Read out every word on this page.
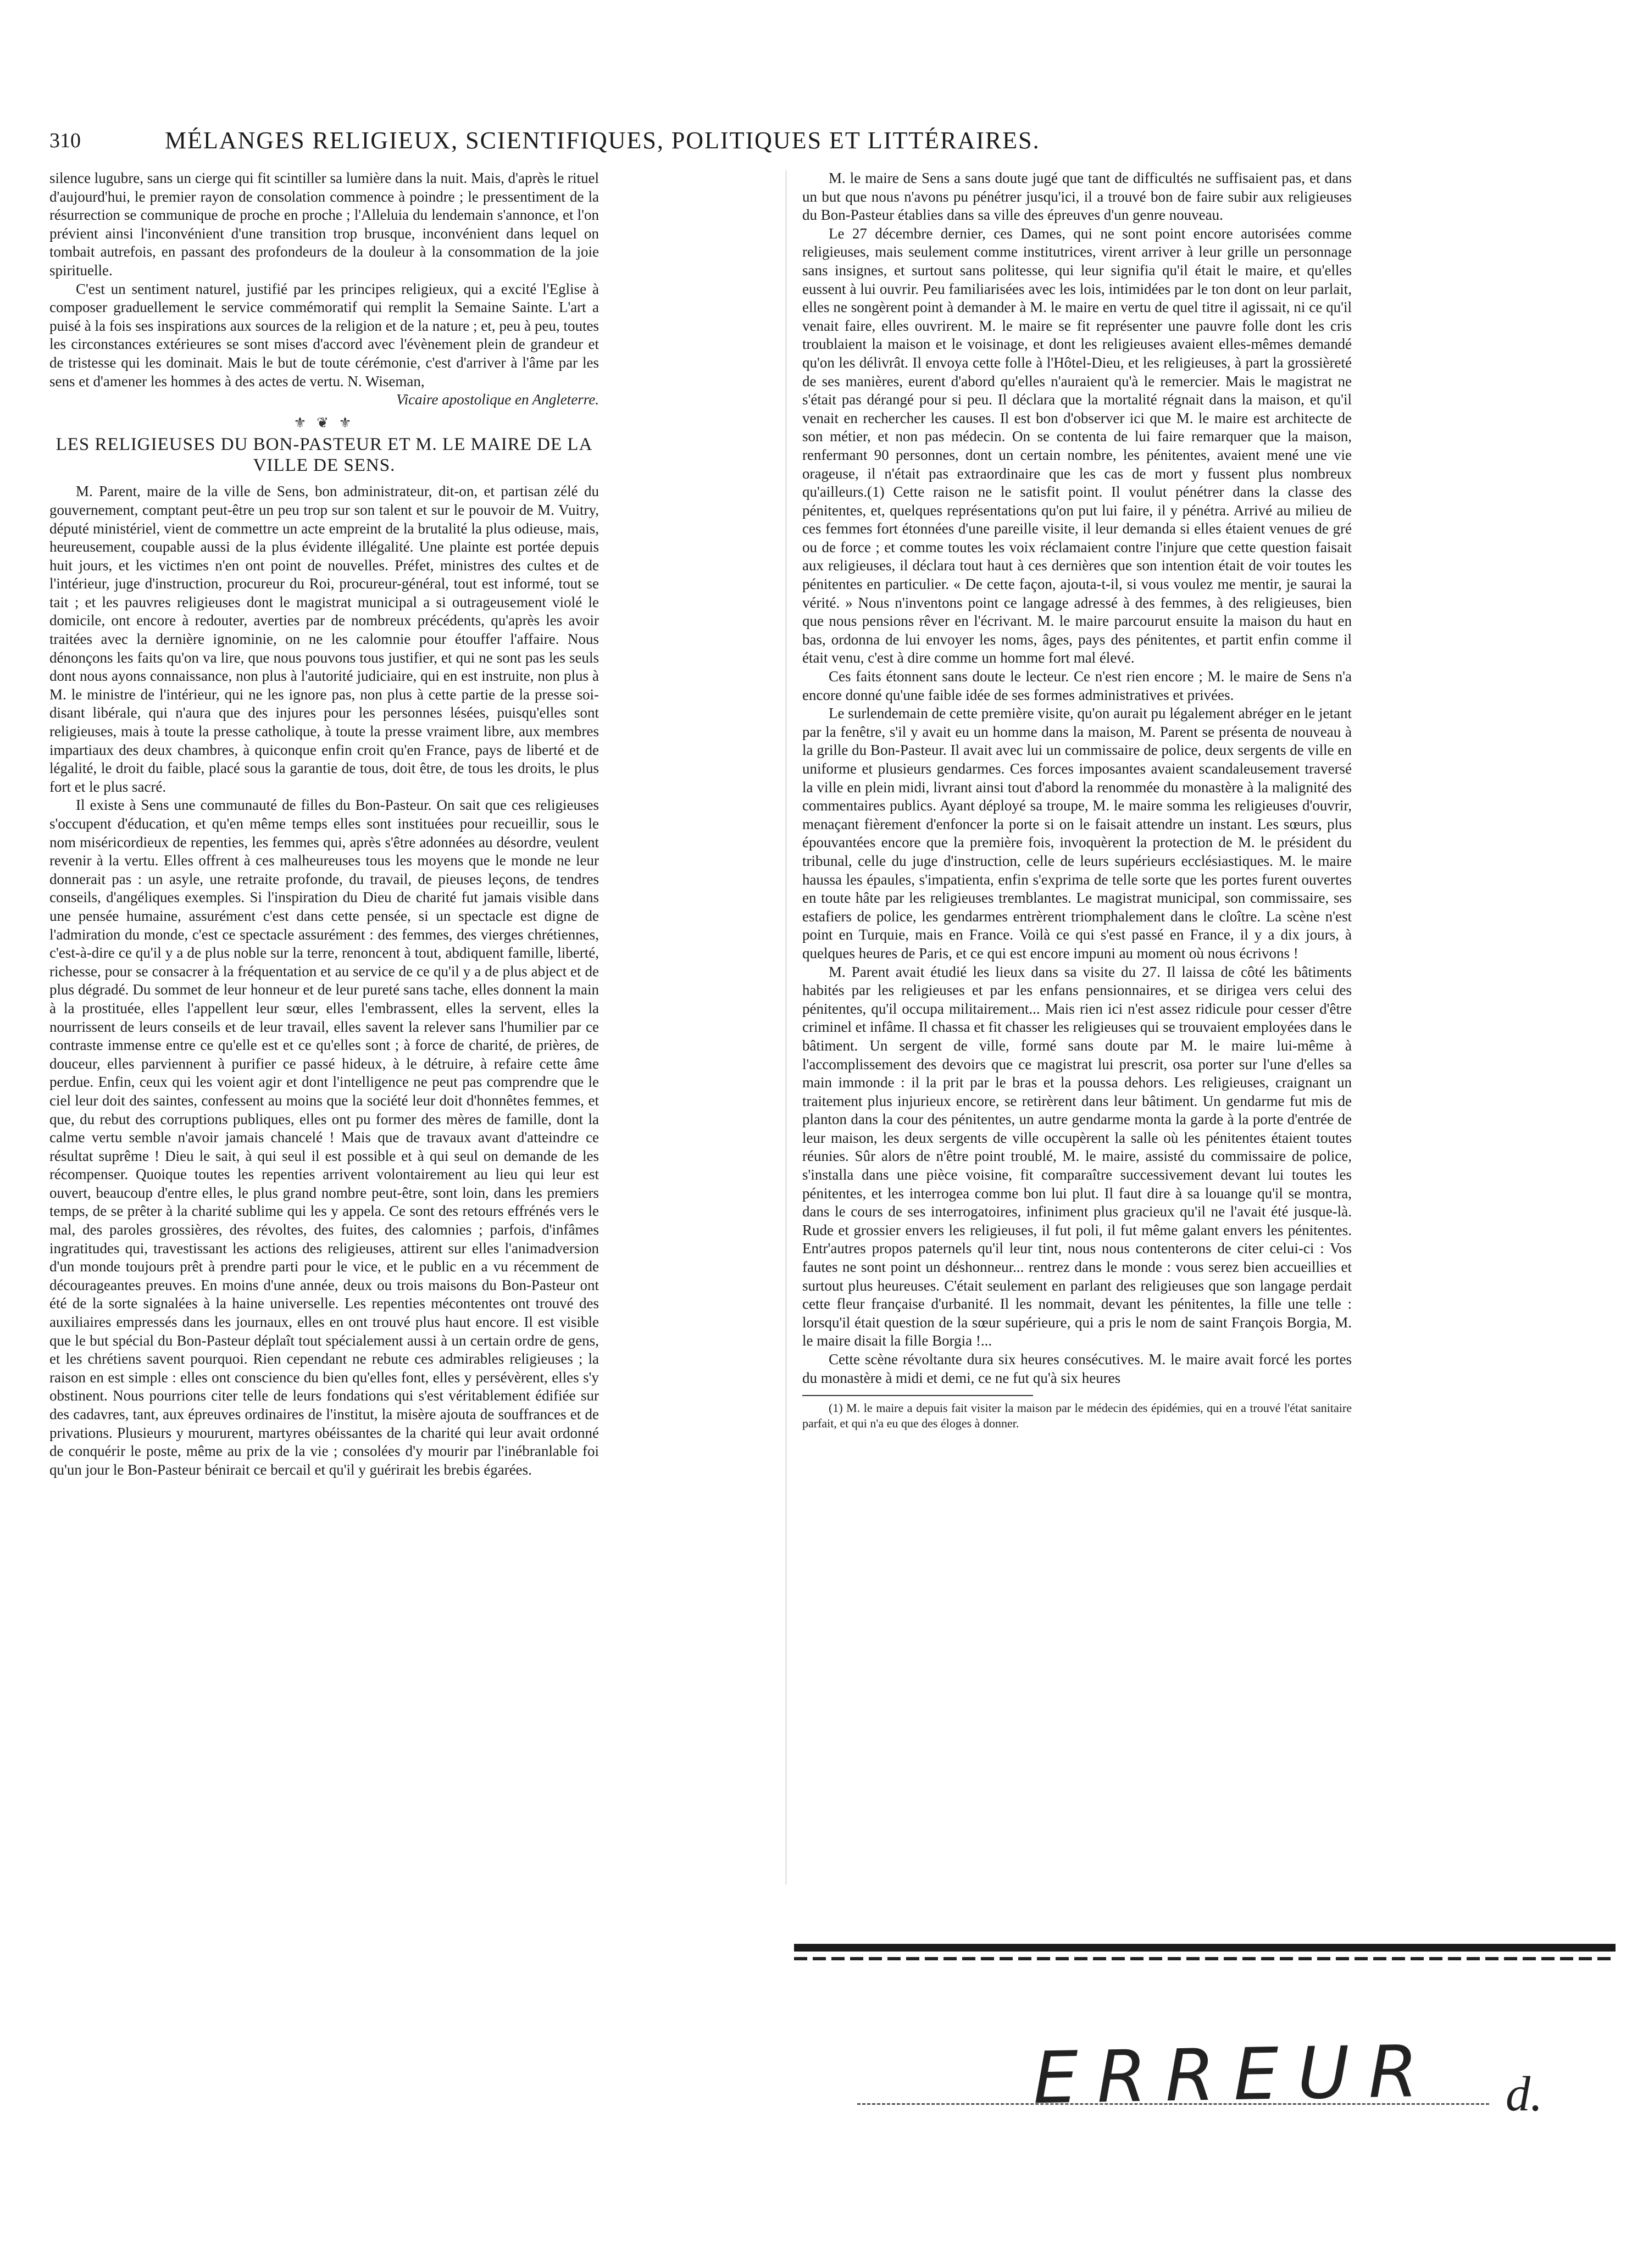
310	MÉLANGES RELIGIEUX, SCIENTIFIQUES, POLITIQUES ET LITTÉRAIRES.

silence lugubre, sans un cierge qui fit scintiller sa lumière dans la nuit. Mais, d'après le rituel d'aujourd'hui, le premier rayon de consolation commence à poindre ; le pressentiment de la résurrection se communique de proche en proche ; l'Alleluia du lendemain s'annonce, et l'on prévient ainsi l'inconvénient d'une transition trop brusque, inconvénient dans lequel on tombait autrefois, en passant des profondeurs de la douleur à la consommation de la joie spirituelle.

C'est un sentiment naturel, justifié par les principes religieux, qui a excité l'Eglise à composer graduellement le service commémoratif qui remplit la Semaine Sainte. L'art a puisé à la fois ses inspirations aux sources de la religion et de la nature ; et, peu à peu, toutes les circonstances extérieures se sont mises d'accord avec l'évènement plein de grandeur et de tristesse qui les dominait. Mais le but de toute cérémonie, c'est d'arriver à l'âme par les sens et d'amener les hommes à des actes de vertu. N. Wiseman,

Vicaire apostolique en Angleterre.

⚜ ❦ ⚜
LES RELIGIEUSES DU BON-PASTEUR ET M. LE MAIRE DE LA VILLE DE SENS.

M. Parent, maire de la ville de Sens, bon administrateur, dit-on, et partisan zélé du gouvernement, comptant peut-être un peu trop sur son talent et sur le pouvoir de M. Vuitry, député ministériel, vient de commettre un acte empreint de la brutalité la plus odieuse, mais, heureusement, coupable aussi de la plus évidente illégalité. Une plainte est portée depuis huit jours, et les victimes n'en ont point de nouvelles. Préfet, ministres des cultes et de l'intérieur, juge d'instruction, procureur du Roi, procureur-général, tout est informé, tout se tait ; et les pauvres religieuses dont le magistrat municipal a si outrageusement violé le domicile, ont encore à redouter, averties par de nombreux précédents, qu'après les avoir traitées avec la dernière ignominie, on ne les calomnie pour étouffer l'affaire. Nous dénonçons les faits qu'on va lire, que nous pouvons tous justifier, et qui ne sont pas les seuls dont nous ayons connaissance, non plus à l'autorité judiciaire, qui en est instruite, non plus à M. le ministre de l'intérieur, qui ne les ignore pas, non plus à cette partie de la presse soi-disant libérale, qui n'aura que des injures pour les personnes lésées, puisqu'elles sont religieuses, mais à toute la presse catholique, à toute la presse vraiment libre, aux membres impartiaux des deux chambres, à quiconque enfin croit qu'en France, pays de liberté et de légalité, le droit du faible, placé sous la garantie de tous, doit être, de tous les droits, le plus fort et le plus sacré.

Il existe à Sens une communauté de filles du Bon-Pasteur. On sait que ces religieuses s'occupent d'éducation, et qu'en même temps elles sont instituées pour recueillir, sous le nom miséricordieux de repenties, les femmes qui, après s'être adonnées au désordre, veulent revenir à la vertu. Elles offrent à ces malheureuses tous les moyens que le monde ne leur donnerait pas : un asyle, une retraite profonde, du travail, de pieuses leçons, de tendres conseils, d'angéliques exemples. Si l'inspiration du Dieu de charité fut jamais visible dans une pensée humaine, assurément c'est dans cette pensée, si un spectacle est digne de l'admiration du monde, c'est ce spectacle assurément : des femmes, des vierges chrétiennes, c'est-à-dire ce qu'il y a de plus noble sur la terre, renoncent à tout, abdiquent famille, liberté, richesse, pour se consacrer à la fréquentation et au service de ce qu'il y a de plus abject et de plus dégradé. Du sommet de leur honneur et de leur pureté sans tache, elles donnent la main à la prostituée, elles l'appellent leur sœur, elles l'embrassent, elles la servent, elles la nourrissent de leurs conseils et de leur travail, elles savent la relever sans l'humilier par ce contraste immense entre ce qu'elle est et ce qu'elles sont ; à force de charité, de prières, de douceur, elles parviennent à purifier ce passé hideux, à le détruire, à refaire cette âme perdue. Enfin, ceux qui les voient agir et dont l'intelligence ne peut pas comprendre que le ciel leur doit des saintes, confessent au moins que la société leur doit d'honnêtes femmes, et que, du rebut des corruptions publiques, elles ont pu former des mères de famille, dont la calme vertu semble n'avoir jamais chancelé ! Mais que de travaux avant d'atteindre ce résultat suprême ! Dieu le sait, à qui seul il est possible et à qui seul on demande de les récompenser. Quoique toutes les repenties arrivent volontairement au lieu qui leur est ouvert, beaucoup d'entre elles, le plus grand nombre peut-être, sont loin, dans les premiers temps, de se prêter à la charité sublime qui les y appela. Ce sont des retours effrénés vers le mal, des paroles grossières, des révoltes, des fuites, des calomnies ; parfois, d'infâmes ingratitudes qui, travestissant les actions des religieuses, attirent sur elles l'animadversion d'un monde toujours prêt à prendre parti pour le vice, et le public en a vu récemment de décourageantes preuves. En moins d'une année, deux ou trois maisons du Bon-Pasteur ont été de la sorte signalées à la haine universelle. Les repenties mécontentes ont trouvé des auxiliaires empressés dans les journaux, elles en ont trouvé plus haut encore. Il est visible que le but spécial du Bon-Pasteur déplaît tout spécialement aussi à un certain ordre de gens, et les chrétiens savent pourquoi. Rien cependant ne rebute ces admirables religieuses ; la raison en est simple : elles ont conscience du bien qu'elles font, elles y persévèrent, elles s'y obstinent. Nous pourrions citer telle de leurs fondations qui s'est véritablement édifiée sur des cadavres, tant, aux épreuves ordinaires de l'institut, la misère ajouta de souffrances et de privations. Plusieurs y moururent, martyres obéissantes de la charité qui leur avait ordonné de conquérir le poste, même au prix de la vie ; consolées d'y mourir par l'inébranlable foi qu'un jour le Bon-Pasteur bénirait ce bercail et qu'il y guérirait les brebis égarées.

M. le maire de Sens a sans doute jugé que tant de difficultés ne suffisaient pas, et dans un but que nous n'avons pu pénétrer jusqu'ici, il a trouvé bon de faire subir aux religieuses du Bon-Pasteur établies dans sa ville des épreuves d'un genre nouveau.

Le 27 décembre dernier, ces Dames, qui ne sont point encore autorisées comme religieuses, mais seulement comme institutrices, virent arriver à leur grille un personnage sans insignes, et surtout sans politesse, qui leur signifia qu'il était le maire, et qu'elles eussent à lui ouvrir. Peu familiarisées avec les lois, intimidées par le ton dont on leur parlait, elles ne songèrent point à demander à M. le maire en vertu de quel titre il agissait, ni ce qu'il venait faire, elles ouvrirent. M. le maire se fit représenter une pauvre folle dont les cris troublaient la maison et le voisinage, et dont les religieuses avaient elles-mêmes demandé qu'on les délivrât. Il envoya cette folle à l'Hôtel-Dieu, et les religieuses, à part la grossièreté de ses manières, eurent d'abord qu'elles n'auraient qu'à le remercier. Mais le magistrat ne s'était pas dérangé pour si peu. Il déclara que la mortalité régnait dans la maison, et qu'il venait en rechercher les causes. Il est bon d'observer ici que M. le maire est architecte de son métier, et non pas médecin. On se contenta de lui faire remarquer que la maison, renfermant 90 personnes, dont un certain nombre, les pénitentes, avaient mené une vie orageuse, il n'était pas extraordinaire que les cas de mort y fussent plus nombreux qu'ailleurs.(1) Cette raison ne le satisfit point. Il voulut pénétrer dans la classe des pénitentes, et, quelques représentations qu'on put lui faire, il y pénétra. Arrivé au milieu de ces femmes fort étonnées d'une pareille visite, il leur demanda si elles étaient venues de gré ou de force ; et comme toutes les voix réclamaient contre l'injure que cette question faisait aux religieuses, il déclara tout haut à ces dernières que son intention était de voir toutes les pénitentes en particulier. « De cette façon, ajouta-t-il, si vous voulez me mentir, je saurai la vérité. » Nous n'inventons point ce langage adressé à des femmes, à des religieuses, bien que nous pensions rêver en l'écrivant. M. le maire parcourut ensuite la maison du haut en bas, ordonna de lui envoyer les noms, âges, pays des pénitentes, et partit enfin comme il était venu, c'est à dire comme un homme fort mal élevé.

Ces faits étonnent sans doute le lecteur. Ce n'est rien encore ; M. le maire de Sens n'a encore donné qu'une faible idée de ses formes administratives et privées.

Le surlendemain de cette première visite, qu'on aurait pu légalement abréger en le jetant par la fenêtre, s'il y avait eu un homme dans la maison, M. Parent se présenta de nouveau à la grille du Bon-Pasteur. Il avait avec lui un commissaire de police, deux sergents de ville en uniforme et plusieurs gendarmes. Ces forces imposantes avaient scandaleusement traversé la ville en plein midi, livrant ainsi tout d'abord la renommée du monastère à la malignité des commentaires publics. Ayant déployé sa troupe, M. le maire somma les religieuses d'ouvrir, menaçant fièrement d'enfoncer la porte si on le faisait attendre un instant. Les sœurs, plus épouvantées encore que la première fois, invoquèrent la protection de M. le président du tribunal, celle du juge d'instruction, celle de leurs supérieurs ecclésiastiques. M. le maire haussa les épaules, s'impatienta, enfin s'exprima de telle sorte que les portes furent ouvertes en toute hâte par les religieuses tremblantes. Le magistrat municipal, son commissaire, ses estafiers de police, les gendarmes entrèrent triomphalement dans le cloître. La scène n'est point en Turquie, mais en France. Voilà ce qui s'est passé en France, il y a dix jours, à quelques heures de Paris, et ce qui est encore impuni au moment où nous écrivons !

M. Parent avait étudié les lieux dans sa visite du 27. Il laissa de côté les bâtiments habités par les religieuses et par les enfans pensionnaires, et se dirigea vers celui des pénitentes, qu'il occupa militairement... Mais rien ici n'est assez ridicule pour cesser d'être criminel et infâme. Il chassa et fit chasser les religieuses qui se trouvaient employées dans le bâtiment. Un sergent de ville, formé sans doute par M. le maire lui-même à l'accomplissement des devoirs que ce magistrat lui prescrit, osa porter sur l'une d'elles sa main immonde : il la prit par le bras et la poussa dehors. Les religieuses, craignant un traitement plus injurieux encore, se retirèrent dans leur bâtiment. Un gendarme fut mis de planton dans la cour des pénitentes, un autre gendarme monta la garde à la porte d'entrée de leur maison, les deux sergents de ville occupèrent la salle où les pénitentes étaient toutes réunies. Sûr alors de n'être point troublé, M. le maire, assisté du commissaire de police, s'installa dans une pièce voisine, fit comparaître successivement devant lui toutes les pénitentes, et les interrogea comme bon lui plut. Il faut dire à sa louange qu'il se montra, dans le cours de ses interrogatoires, infiniment plus gracieux qu'il ne l'avait été jusque-là. Rude et grossier envers les religieuses, il fut poli, il fut même galant envers les pénitentes. Entr'autres propos paternels qu'il leur tint, nous nous contenterons de citer celui-ci : Vos fautes ne sont point un déshonneur... rentrez dans le monde : vous serez bien accueillies et surtout plus heureuses. C'était seulement en parlant des religieuses que son langage perdait cette fleur française d'urbanité. Il les nommait, devant les pénitentes, la fille une telle : lorsqu'il était question de la sœur supérieure, qui a pris le nom de saint François Borgia, M. le maire disait la fille Borgia !...

Cette scène révoltante dura six heures consécutives. M. le maire avait forcé les portes du monastère à midi et demi, ce ne fut qu'à six heures

(1) M. le maire a depuis fait visiter la maison par le médecin des épidémies, qui en a trouvé l'état sanitaire parfait, et qui n'a eu que des éloges à donner.

ERREUR d.
